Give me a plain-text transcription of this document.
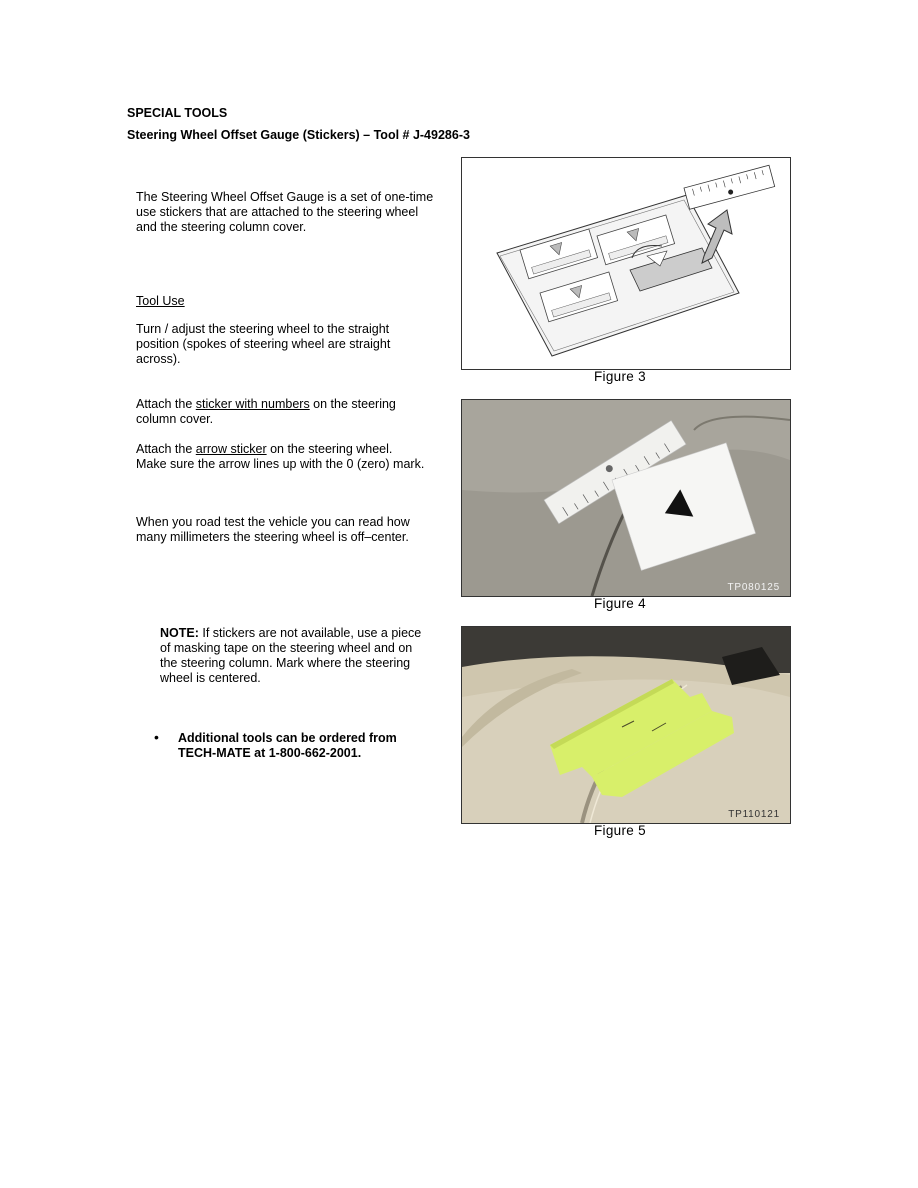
SPECIAL TOOLS
Steering Wheel Offset Gauge (Stickers) – Tool # J-49286-3
The Steering Wheel Offset Gauge is a set of one-time use stickers that are attached to the steering wheel and the steering column cover.
Tool Use
Turn / adjust the steering wheel to the straight position (spokes of steering wheel are straight across).
Attach the sticker with numbers on the steering column cover.
Attach the arrow sticker on the steering wheel. Make sure the arrow lines up with the 0 (zero) mark.
When you road test the vehicle you can read how many millimeters the steering wheel is off–center.
NOTE: If stickers are not available, use a piece of masking tape on the steering wheel and on the steering column. Mark where the steering wheel is centered.
• Additional tools can be ordered from TECH-MATE at 1-800-662-2001.
Figure 3
TP080125
Figure 4
TP110121
Figure 5
